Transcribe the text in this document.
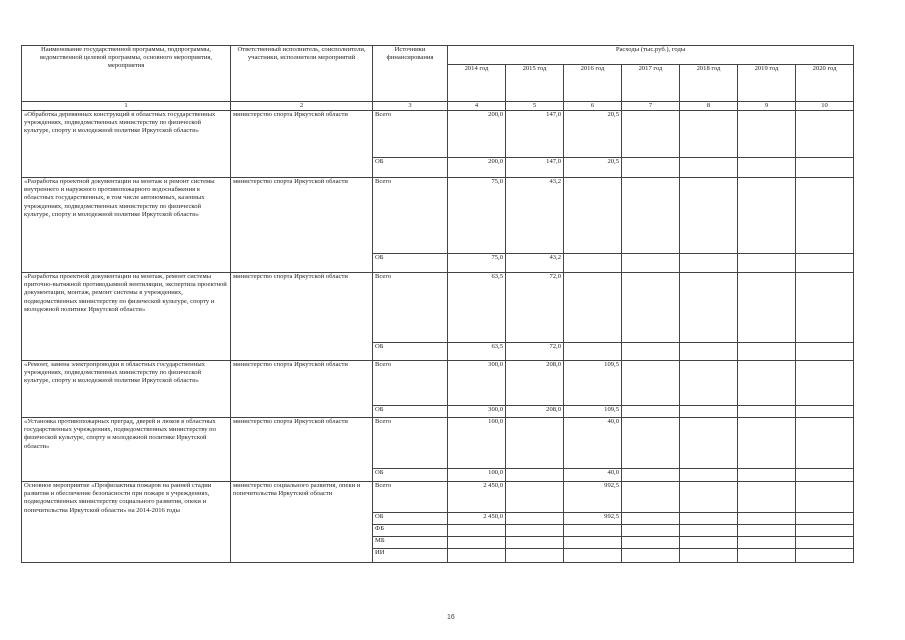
Наименование государственной программы, подпрограммы, ведомственной целевой программы, основного мероприятия, мероприятия	Ответственный исполнитель, соисполнители, участники, исполнители мероприятий	Источники финансирования	Расходы (тыс.руб.), годы						
			2014 год	2015 год	2016 год	2017 год	2018 год	2019 год	2020 год
1	2	3	4	5	6	7	8	9	10
«Обработка деревянных конструкций в областных государственных учреждениях, подведомственных министерству по физической культуре, спорту и молодежной политике Иркутской области»	министерство спорта Иркутской области	Всего	200,0	147,0	20,5				
		ОБ	200,0	147,0	20,5				
«Разработка проектной документации на монтаж и ремонт системы внутреннего и наружного противопожарного водоснабжения в областных государственных, в том числе автономных, казенных учреждениях, подведомственных министерству по физической культуре, спорту и молодежной политике Иркутской области»	министерство спорта Иркутской области	Всего	75,0	43,2					
		ОБ	75,0	43,2					
«Разработка проектной документации на монтаж, ремонт системы приточно-вытяжной противодымной вентиляции, экспертиза проектной документации, монтаж, ремонт системы в учреждениях, подведомственных министерству по физической культуре, спорту и молодежной политике Иркутской области»	министерство спорта Иркутской области	Всего	63,5	72,0					
		ОБ	63,5	72,0					
«Ремонт, замена электропроводки в областных государственных учреждениях, подведомственных министерству по физической культуре, спорту и молодежной политике Иркутской области»	министерство спорта Иркутской области	Всего	300,0	208,0	109,5				
		ОБ	300,0	208,0	109,5				
«Установка противопожарных преград, дверей и люков в областных государственных учреждениях, подведомственных министерству по физической культуре, спорту и молодежной политике Иркутской области»	министерство спорта Иркутской области	Всего	100,0		40,0				
		ОБ	100,0		40,0				
Основное мероприятие «Профилактика пожаров на ранней стадии развития и обеспечение безопасности при пожаре в учреждениях, подведомственных министерству социального развития, опеки и попечительства Иркутской области» на 2014-2016 годы	министерство социального развития, опеки и попечительства Иркутской области	Всего	2 450,0		992,5				
		ОБ	2 450,0		992,5				
		ФБ							
		МБ							
		ИИ							
16
